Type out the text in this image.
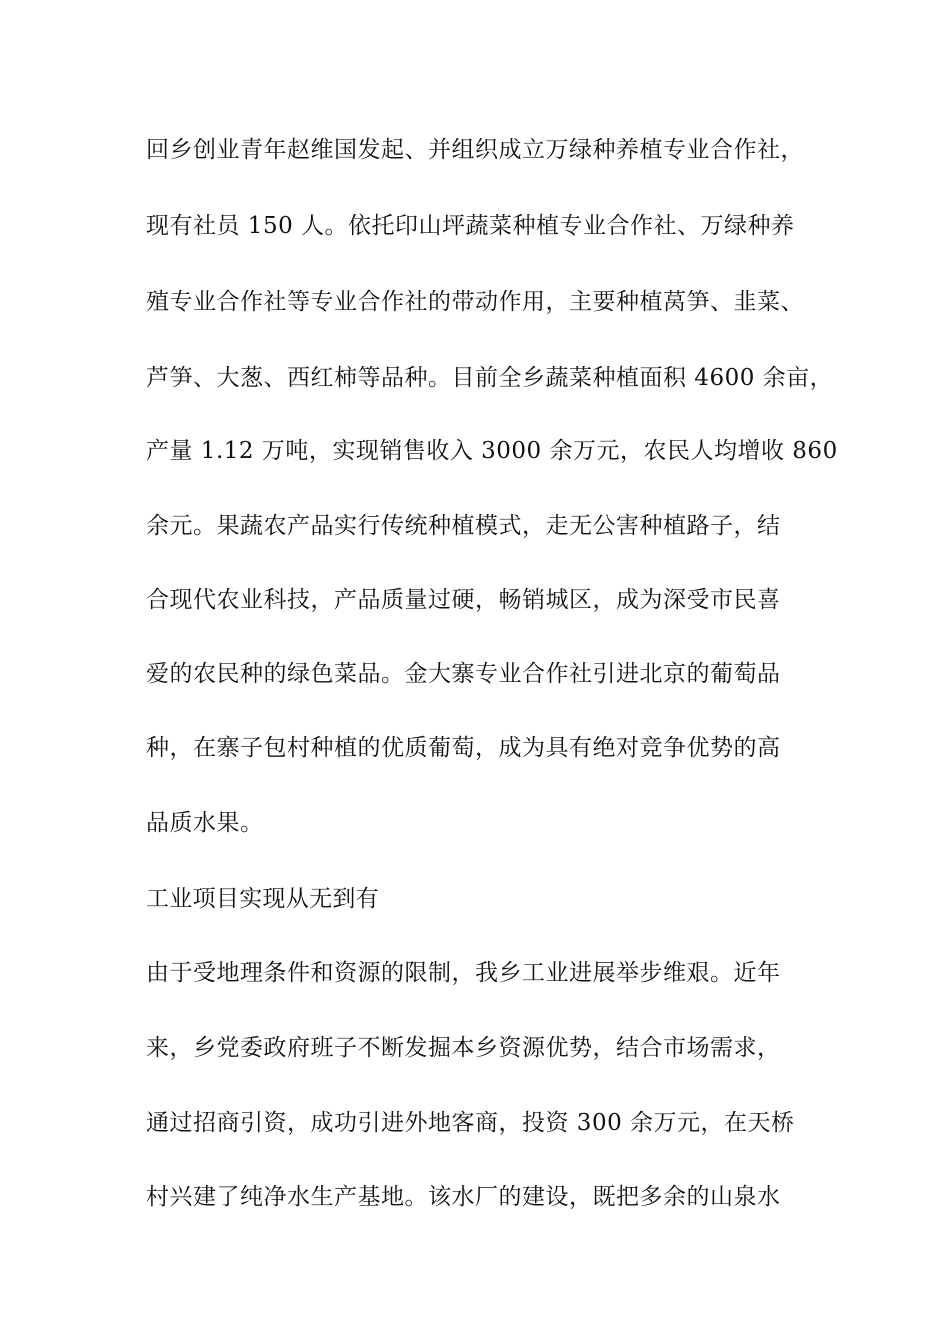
回乡创业青年赵维国发起、并组织成立万绿种养植专业合作社，
现有社员 150 人。依托印山坪蔬菜种植专业合作社、万绿种养
殖专业合作社等专业合作社的带动作用，主要种植莴笋、韭菜、
芦笋、大葱、西红柿等品种。目前全乡蔬菜种植面积 4600 余亩，
产量 1.12 万吨，实现销售收入 3000 余万元，农民人均增收 860
余元。果蔬农产品实行传统种植模式，走无公害种植路子，结
合现代农业科技，产品质量过硬，畅销城区，成为深受市民喜
爱的农民种的绿色菜品。金大寨专业合作社引进北京的葡萄品
种，在寨子包村种植的优质葡萄，成为具有绝对竞争优势的高
品质水果。
工业项目实现从无到有
由于受地理条件和资源的限制，我乡工业进展举步维艰。近年
来，乡党委政府班子不断发掘本乡资源优势，结合市场需求，
通过招商引资，成功引进外地客商，投资 300 余万元，在天桥
村兴建了纯净水生产基地。该水厂的建设，既把多余的山泉水
